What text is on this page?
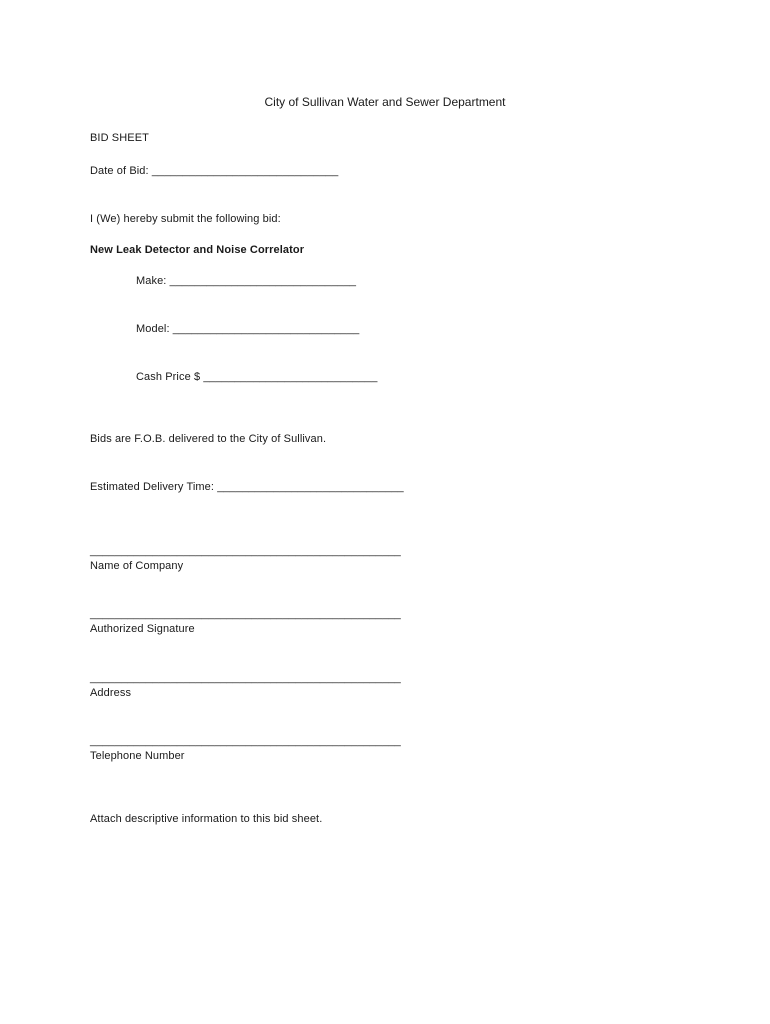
City of Sullivan Water and Sewer Department
BID SHEET
Date of Bid: ______________________________
I (We) hereby submit the following bid:
New Leak Detector and Noise Correlator
Make: ______________________________
Model: ______________________________
Cash Price $ ____________________________
Bids are F.O.B. delivered to the City of Sullivan.
Estimated Delivery Time: ______________________________
__________________________________________________
Name of Company
__________________________________________________
Authorized Signature
__________________________________________________
Address
__________________________________________________
Telephone Number
Attach descriptive information to this bid sheet.
